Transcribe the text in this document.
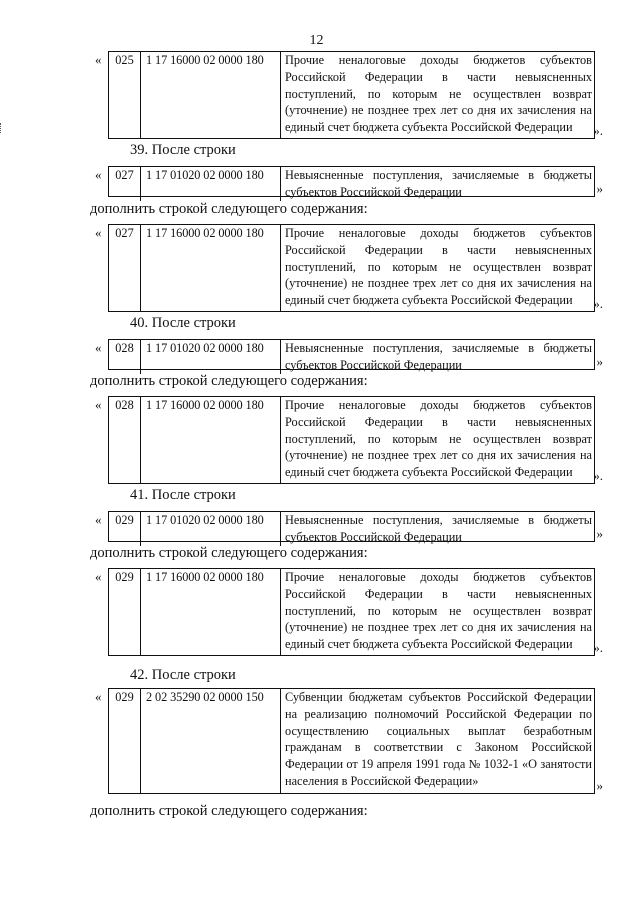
12
«	025 1 17 16000 02 0000 180	Прочие неналоговые доходы бюджетов субъектов Российской Федерации в части невыясненных поступлений, по которым не осуществлен возврат (уточнение) не позднее трех лет со дня их зачисления на единый счет бюджета субъекта Российской Федерации	».
39. После строки
«	027 1 17 01020 02 0000 180	Невыясненные поступления, зачисляемые в бюджеты субъектов Российской Федерации	»
дополнить строкой следующего содержания:
«	027 1 17 16000 02 0000 180	Прочие неналоговые доходы бюджетов субъектов Российской Федерации в части невыясненных поступлений, по которым не осуществлен возврат (уточнение) не позднее трех лет со дня их зачисления на единый счет бюджета субъекта Российской Федерации	».
40. После строки
«	028 1 17 01020 02 0000 180	Невыясненные поступления, зачисляемые в бюджеты субъектов Российской Федерации	»
дополнить строкой следующего содержания:
«	028 1 17 16000 02 0000 180	Прочие неналоговые доходы бюджетов субъектов Российской Федерации в части невыясненных поступлений, по которым не осуществлен возврат (уточнение) не позднее трех лет со дня их зачисления на единый счет бюджета субъекта Российской Федерации	».
41. После строки
«	029 1 17 01020 02 0000 180	Невыясненные поступления, зачисляемые в бюджеты субъектов Российской Федерации	»
дополнить строкой следующего содержания:
«	029 1 17 16000 02 0000 180	Прочие неналоговые доходы бюджетов субъектов Российской Федерации в части невыясненных поступлений, по которым не осуществлен возврат (уточнение) не позднее трех лет со дня их зачисления на единый счет бюджета субъекта Российской Федерации	».
42. После строки
«	029 2 02 35290 02 0000 150	Субвенции бюджетам субъектов Российской Федерации на реализацию полномочий Российской Федерации по осуществлению социальных выплат безработным гражданам в соответствии с Законом Российской Федерации от 19 апреля 1991 года № 1032-1 «О занятости населения в Российской Федерации»	»
дополнить строкой следующего содержания:
